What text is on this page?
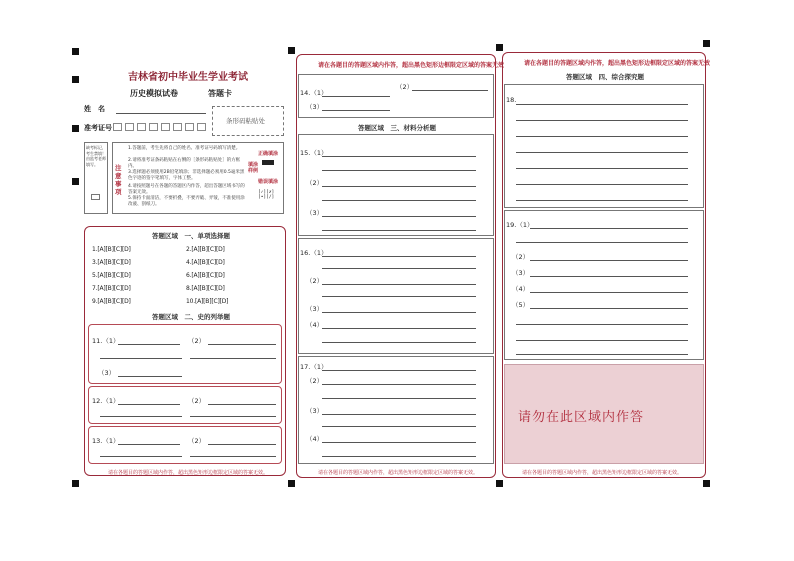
吉林省初中毕业生学业考试
历史模拟试卷	答题卡
姓　名
准考证号
条形码粘贴处
缺考标记，考生禁填！由监考老师填写。	注意事项
1.答题前，考生先将自己的姓名、准考证号码填写清楚。
2.请将准考证条码粘贴在右侧的［条形码粘贴处］的方框内。
3.选择题必须使用2B铅笔填涂；非选择题必须用0.5毫米黑色字迹的签字笔填写，字体工整。
4.请按照题号在各题的答题区内作答，超出答题区域书写的答案无效。
5.保持卡面清洁，不要折叠，不要弄破、弄皱，不准使用涂改液、刮纸刀。
填涂样例
正确填涂
错误填涂
[✓][✗]
[•][/]
答题区域　一、单项选择题
1.[A][B][C][D]	2.[A][B][C][D]
3.[A][B][C][D]	4.[A][B][C][D]
5.[A][B][C][D]	6.[A][B][C][D]
7.[A][B][C][D]	8.[A][B][C][D]
9.[A][B][C][D]	10.[A][B][C][D]
答题区域　二、史的列举题
11.（1）	（2）
（3）
12.（1）	（2）
13.（1）	（2）
请在各题目的答题区域内作答，超出黑色矩形边框限定区域的答案无效。
请在各题目的答题区域内作答，超出黑色矩形边框限定区域的答案无效
14.（1）
（2）
（3）
答题区域　三、材料分析题
15.（1）
（2）
（3）
16.（1）
（2）
（3）
（4）
17.（1）
（2）
（3）
（4）
请在各题目的答题区域内作答，超出黑色矩形边框限定区域的答案无效。
请在各题目的答题区域内作答，超出黑色矩形边框限定区域的答案无效
答题区域　四、综合探究题
18.
19.（1）
（2）
（3）
（4）
（5）
请勿在此区域内作答
请在各题目的答题区域内作答，超出黑色矩形边框限定区域的答案无效。
